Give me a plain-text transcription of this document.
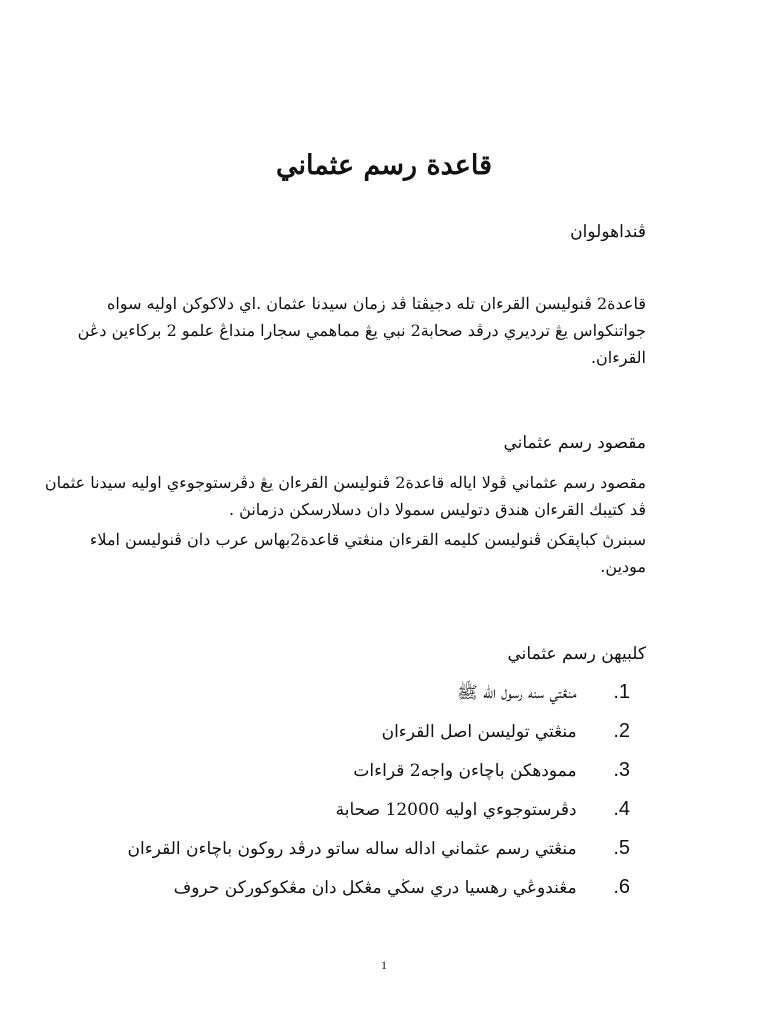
قاعدة رسم عثماني
ڤنداهولوان
قاعدة2 ڤنوليسن القرءان تله دجيڤتا ڤد زمان سيدنا عثمان .اي دلاكوكن اوليه سواه
جواتنكواس يڠ ترديري درڤد صحابة2 نبي يڠ مماهمي سجارا منداڠ علمو 2 بركاءين دڠن
القرءان.
مقصود رسم عثماني
مقصود رسم عثماني ڤولا ايالە قاعدة2 ڤنوليسن القرءان يڠ دڤرستوجوءي اوليه سيدنا عثمان
ڤد كتيبك القرءان هندق دتوليس سمولا دان دسلارسكن دزمانڽ .
سبنرڽ كباڽقكن ڤنوليسن كليمه القرءان منڠتي قاعدة2بهاس عرب دان ڤنوليسن املاء
مودين.
كلبيهن رسم عثماني
1. منڠتي سنه رسول الله ﷺ
2. منڠتي توليسن اصل القرءان
3. ممودهكن باچاءن واجه2 قراءات
4. دڤرستوجوءي اوليه 12000 صحابة
5. منڠتي رسم عثماني اداله ساله ساتو درڤد روكون باچاءن القرءان
6. مڠندوڠي رهسيا دري سڬي مڠكل دان مڠكوكوركن حروف
1
